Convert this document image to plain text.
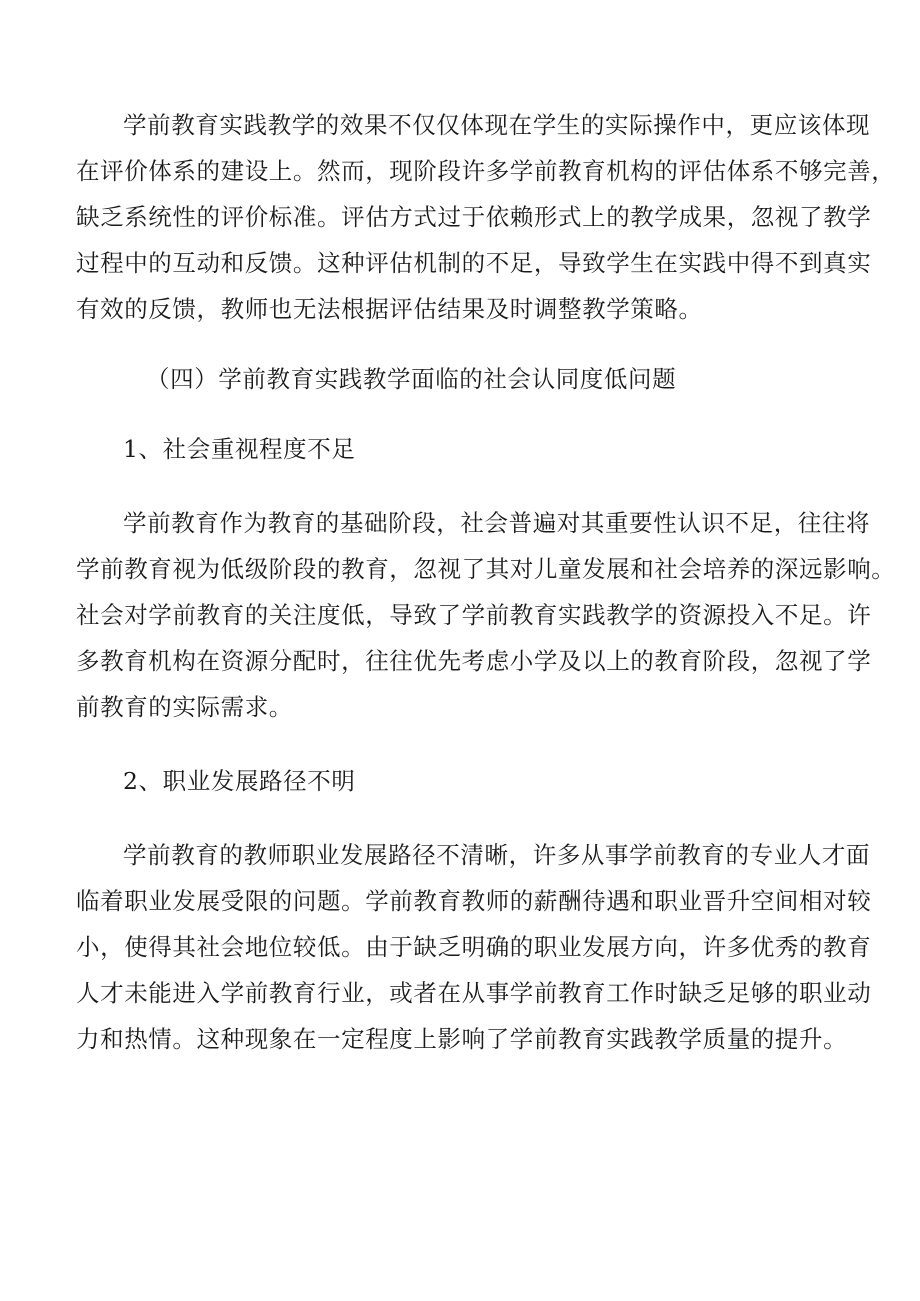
学前教育实践教学的效果不仅仅体现在学生的实际操作中，更应该体现
在评价体系的建设上。然而，现阶段许多学前教育机构的评估体系不够完善，
缺乏系统性的评价标准。评估方式过于依赖形式上的教学成果，忽视了教学
过程中的互动和反馈。这种评估机制的不足，导致学生在实践中得不到真实
有效的反馈，教师也无法根据评估结果及时调整教学策略。
（四）学前教育实践教学面临的社会认同度低问题
1、社会重视程度不足
学前教育作为教育的基础阶段，社会普遍对其重要性认识不足，往往将
学前教育视为低级阶段的教育，忽视了其对儿童发展和社会培养的深远影响。
社会对学前教育的关注度低，导致了学前教育实践教学的资源投入不足。许
多教育机构在资源分配时，往往优先考虑小学及以上的教育阶段，忽视了学
前教育的实际需求。
2、职业发展路径不明
学前教育的教师职业发展路径不清晰，许多从事学前教育的专业人才面
临着职业发展受限的问题。学前教育教师的薪酬待遇和职业晋升空间相对较
小，使得其社会地位较低。由于缺乏明确的职业发展方向，许多优秀的教育
人才未能进入学前教育行业，或者在从事学前教育工作时缺乏足够的职业动
力和热情。这种现象在一定程度上影响了学前教育实践教学质量的提升。
